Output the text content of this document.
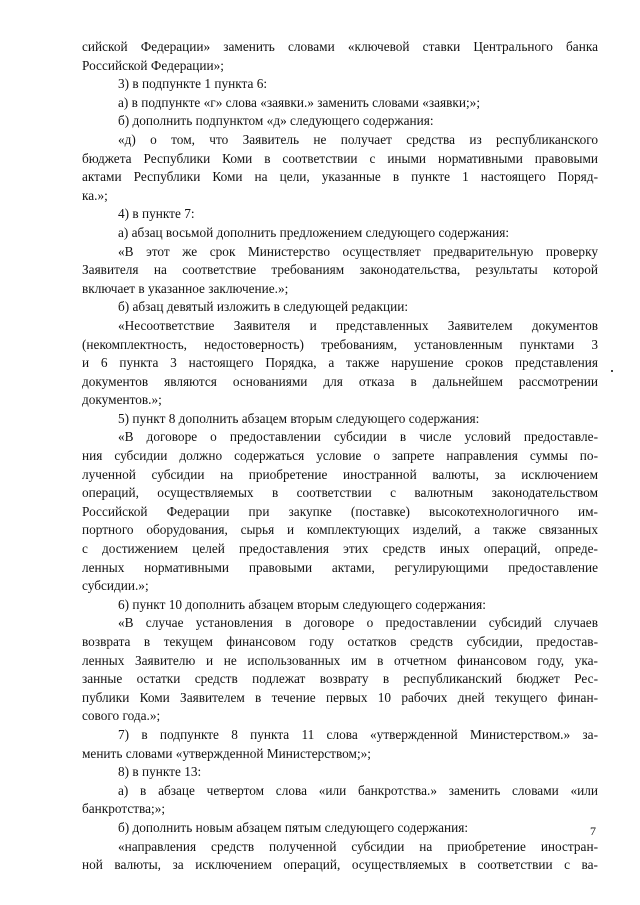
сийской Федерации» заменить словами «ключевой ставки Центрального банка
Российской Федерации»;
3) в подпункте 1 пункта 6:
а) в подпункте «г» слова «заявки.» заменить словами «заявки;»;
б) дополнить подпунктом «д» следующего содержания:
«д) о том, что Заявитель не получает средства из республиканского
бюджета Республики Коми в соответствии с иными нормативными правовыми
актами Республики Коми на цели, указанные в пункте 1 настоящего Поряд-
ка.»;
4) в пункте 7:
а) абзац восьмой дополнить предложением следующего содержания:
«В этот же срок Министерство осуществляет предварительную проверку
Заявителя на соответствие требованиям законодательства, результаты которой
включает в указанное заключение.»;
б) абзац девятый изложить в следующей редакции:
«Несоответствие Заявителя и представленных Заявителем документов
(некомплектность, недостоверность) требованиям, установленным пунктами 3
и 6 пункта 3 настоящего Порядка, а также нарушение сроков представления
документов являются основаниями для отказа в дальнейшем рассмотрении
документов.»;
5) пункт 8 дополнить абзацем вторым следующего содержания:
«В договоре о предоставлении субсидии в числе условий предоставле-
ния субсидии должно содержаться условие о запрете направления суммы по-
лученной субсидии на приобретение иностранной валюты, за исключением
операций, осуществляемых в соответствии с валютным законодательством
Российской Федерации при закупке (поставке) высокотехнологичного им-
портного оборудования, сырья и комплектующих изделий, а также связанных
с достижением целей предоставления этих средств иных операций, опреде-
ленных нормативными правовыми актами, регулирующими предоставление
субсидии.»;
6) пункт 10 дополнить абзацем вторым следующего содержания:
«В случае установления в договоре о предоставлении субсидий случаев
возврата в текущем финансовом году остатков средств субсидии, предостав-
ленных Заявителю и не использованных им в отчетном финансовом году, ука-
занные остатки средств подлежат возврату в республиканский бюджет Рес-
публики Коми Заявителем в течение первых 10 рабочих дней текущего финан-
сового года.»;
7) в подпункте 8 пункта 11 слова «утвержденной Министерством.» за-
менить словами «утвержденной Министерством;»;
8) в пункте 13:
а) в абзаце четвертом слова «или банкротства.» заменить словами «или
банкротства;»;
б) дополнить новым абзацем пятым следующего содержания:
«направления средств полученной субсидии на приобретение иностран-
ной валюты, за исключением операций, осуществляемых в соответствии с ва-
7
